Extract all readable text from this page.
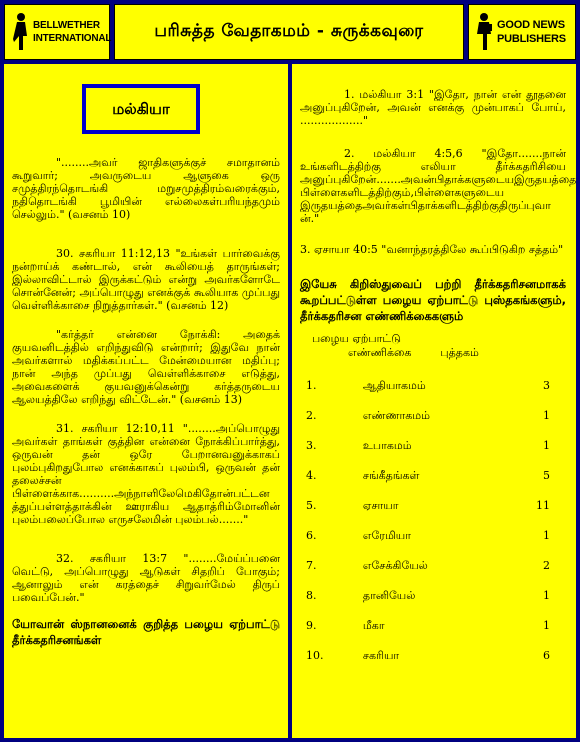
BELLWETHER
INTERNATIONAL	பரிசுத்த வேதாகமம் - சுருக்கவுரை	GOOD NEWS
PUBLISHERS
மல்கியா

"........அவர் ஜாதிகளுக்குச் சமாதானம் கூறுவார்; அவருடைய ஆளுகை ஒரு சமுத்திரந்தொடங்கி மறுசமுத்திரம்வரைக்கும், நதிதொடங்கி பூமியின் எல்லைகள்பரியந்தமும் செல்லும்." (வசனம் 10)

30. சகரியா 11:12,13 "உங்கள் பார்வைக்கு நன்றாய்க் கண்டால், என் கூலியைத் தாருங்கள்; இல்லாவிட்டால் இருக்கட்டும் என்று அவர்களோடே சொன்னேன்; அப்பொழுது எனக்குக் கூலியாக முப்பது வெள்ளிக்காசை நிறுத்தார்கள்." (வசனம் 12)

"கர்த்தர் என்னை நோக்கி: அதைக் குயவனிடத்தில் எறிந்துவிடு என்றார்; இதுவே நான் அவர்களால் மதிக்கப்பட்ட மேன்மையான மதிப்பு; நான் அந்த முப்பது வெள்ளிக்காசை எடுத்து, அவைகளைக் குயவனுக்கென்று கர்த்தருடைய ஆலயத்திலே எறிந்து விட்டேன்." (வசனம் 13)

31. சகரியா 12:10,11 "........அப்பொழுது அவர்கள் தாங்கள் குத்தின என்னை நோக்கிப்பார்த்து, ஒருவன் தன் ஒரே பேறானவனுக்காகப் புலம்புகிறதுபோல எனக்காகப் புலம்பி, ஒருவன் தன் தலைச்சன் பிள்ளைக்காக..........அந்நாளிலேமெகிதோன்பட்டன த்துப்பள்ளத்தாக்கின் ஊராகிய ஆதாத்ரிம்மோனின் புலம்பலைப்போல எருசலேமின் புலம்பல்......."

32. சகரியா 13:7 "........மேய்ப்பனை வெட்டு, அப்பொழுது ஆடுகள் சிதறிப் போகும்; ஆனாலும் என் கரத்தைச் சிறுவர்மேல் திருப் பவைப்பேன்."

யோவான் ஸ்நானனைக் குறித்த பழைய ஏற்பாட்டு தீர்க்கதரிசனங்கள்

1. மல்கியா 3:1 "இதோ, நான் என் தூதனை அனுப்புகிறேன், அவன் எனக்கு முன்பாகப் போய், .................."

2. மல்கியா 4:5,6 "இதோ.......நான் உங்களிடத்திற்கு எலியா தீர்க்கதரிசியை அனுப்புகிறேன்.......அவன்பிதாக்களுடையஇருதயத்தை பிள்ளைகளிடத்திற்கும்,பிள்ளைகளுடைய இருதயத்தைஅவர்கள்பிதாக்களிடத்திற்குதிருப்புவா ன்."

3. ஏசாயா 40:5 "வனாந்தரத்திலே கூப்பிடுகிற சத்தம்"

இயேசு கிறிஸ்துவைப் பற்றி தீர்க்கதரிசனமாகக் கூறப்பட்டுள்ள பழைய ஏற்பாட்டு புஸ்தகங்களும், தீர்க்கதரிசன எண்ணிக்கைகளும்

பழைய ஏற்பாட்டு
எண்ணிக்கை	புத்தகம்
1.	ஆதியாகமம்	3
2.	எண்ணாகமம்	1
3.	உபாகமம்	1
4.	சங்கீதங்கள்	5
5.	ஏசாயா	11
6.	எரேமியா	1
7.	எசேக்கியேல்	2
8.	தானியேல்	1
9.	மீகா	1
10.	சகரியா	6
